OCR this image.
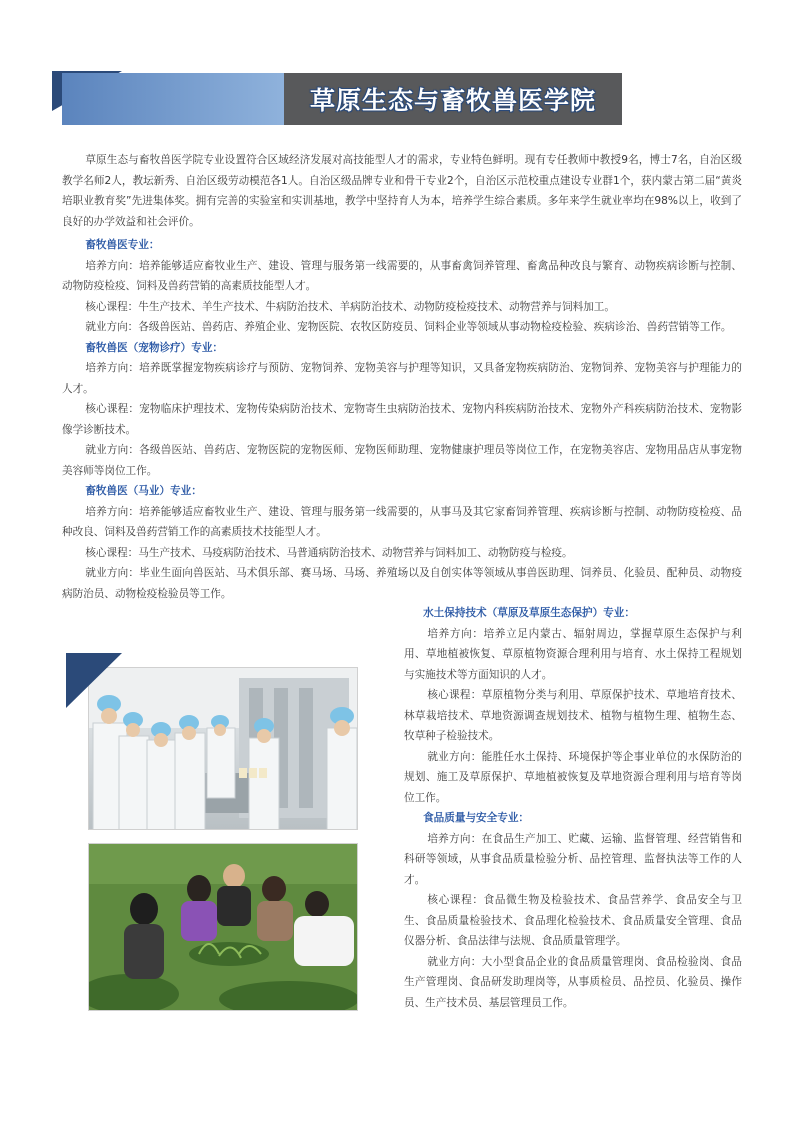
草原生态与畜牧兽医学院
草原生态与畜牧兽医学院专业设置符合区域经济发展对高技能型人才的需求，专业特色鲜明。现有专任教师中教授9名，博士7名，自治区级教学名师2人，教坛新秀、自治区级劳动模范各1人。自治区级品牌专业和骨干专业2个，自治区示范校重点建设专业群1个，获内蒙古第二届“黄炎培职业教育奖”先进集体奖。拥有完善的实验室和实训基地，教学中坚持育人为本，培养学生综合素质。多年来学生就业率均在98%以上，收到了良好的办学效益和社会评价。
畜牧兽医专业：
培养方向：培养能够适应畜牧业生产、建设、管理与服务第一线需要的，从事畜禽饲养管理、畜禽品种改良与繁育、动物疾病诊断与控制、动物防疫检疫、饲料及兽药营销的高素质技能型人才。
核心课程：牛生产技术、羊生产技术、牛病防治技术、羊病防治技术、动物防疫检疫技术、动物营养与饲料加工。
就业方向：各级兽医站、兽药店、养殖企业、宠物医院、农牧区防疫员、饲料企业等领域从事动物检疫检验、疾病诊治、兽药营销等工作。
畜牧兽医（宠物诊疗）专业：
培养方向：培养既掌握宠物疾病诊疗与预防、宠物饲养、宠物美容与护理等知识，又具备宠物疾病防治、宠物饲养、宠物美容与护理能力的人才。
核心课程：宠物临床护理技术、宠物传染病防治技术、宠物寄生虫病防治技术、宠物内科疾病防治技术、宠物外产科疾病防治技术、宠物影像学诊断技术。
就业方向：各级兽医站、兽药店、宠物医院的宠物医师、宠物医师助理、宠物健康护理员等岗位工作，在宠物美容店、宠物用品店从事宠物美容师等岗位工作。
畜牧兽医（马业）专业：
培养方向：培养能够适应畜牧业生产、建设、管理与服务第一线需要的，从事马及其它家畜饲养管理、疾病诊断与控制、动物防疫检疫、品种改良、饲料及兽药营销工作的高素质技术技能型人才。
核心课程：马生产技术、马疫病防治技术、马普通病防治技术、动物营养与饲料加工、动物防疫与检疫。
就业方向：毕业生面向兽医站、马术俱乐部、赛马场、马场、养殖场以及自创实体等领域从事兽医助理、饲养员、化验员、配种员、动物疫病防治员、动物检疫检验员等工作。
水土保持技术（草原及草原生态保护）专业：
培养方向：培养立足内蒙古、辐射周边，掌握草原生态保护与利用、草地植被恢复、草原植物资源合理利用与培育、水土保持工程规划与实施技术等方面知识的人才。
核心课程：草原植物分类与利用、草原保护技术、草地培育技术、林草栽培技术、草地资源调查规划技术、植物与植物生理、植物生态、牧草种子检验技术。
就业方向：能胜任水土保持、环境保护等企事业单位的水保防治的规划、施工及草原保护、草地植被恢复及草地资源合理利用与培育等岗位工作。
食品质量与安全专业：
培养方向：在食品生产加工、贮藏、运输、监督管理、经营销售和科研等领域，从事食品质量检验分析、品控管理、监督执法等工作的人才。
核心课程：食品微生物及检验技术、食品营养学、食品安全与卫生、食品质量检验技术、食品理化检验技术、食品质量安全管理、食品仪器分析、食品法律与法规、食品质量管理学。
就业方向：大小型食品企业的食品质量管理岗、食品检验岗、食品生产管理岗、食品研发助理岗等，从事质检员、品控员、化验员、操作员、生产技术员、基层管理员工作。
